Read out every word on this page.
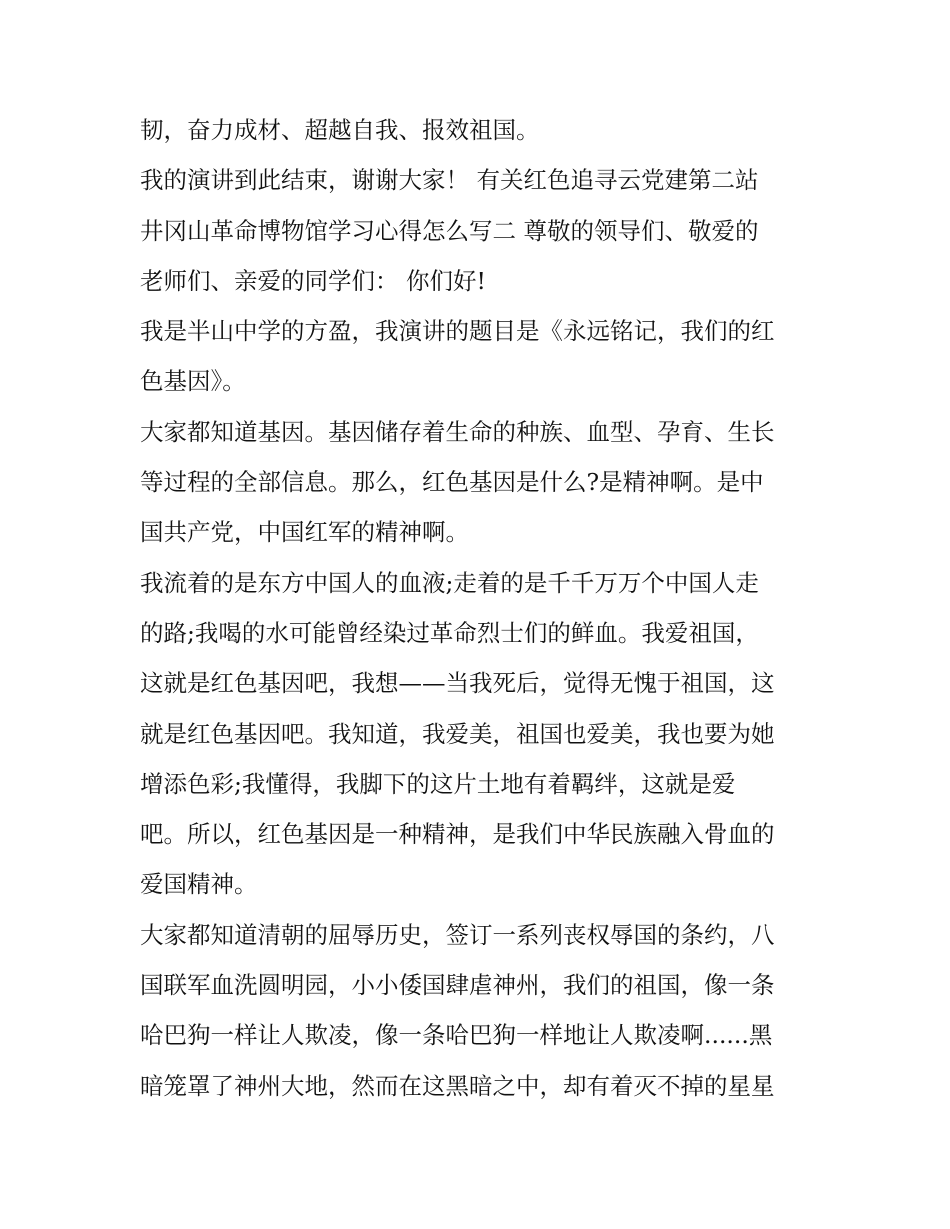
韧，奋力成材、超越自我、报效祖国。
我的演讲到此结束，谢谢大家！ 有关红色追寻云党建第二站
井冈山革命博物馆学习心得怎么写二 尊敬的领导们、敬爱的
老师们、亲爱的同学们： 你们好!
我是半山中学的方盈，我演讲的题目是《永远铭记，我们的红
色基因》。
大家都知道基因。基因储存着生命的种族、血型、孕育、生长
等过程的全部信息。那么，红色基因是什么?是精神啊。是中
国共产党，中国红军的精神啊。
我流着的是东方中国人的血液;走着的是千千万万个中国人走
的路;我喝的水可能曾经染过革命烈士们的鲜血。我爱祖国，
这就是红色基因吧，我想——当我死后，觉得无愧于祖国，这
就是红色基因吧。我知道，我爱美，祖国也爱美，我也要为她
增添色彩;我懂得，我脚下的这片土地有着羁绊，这就是爱
吧。所以，红色基因是一种精神，是我们中华民族融入骨血的
爱国精神。
大家都知道清朝的屈辱历史，签订一系列丧权辱国的条约，八
国联军血洗圆明园，小小倭国肆虐神州，我们的祖国，像一条
哈巴狗一样让人欺凌，像一条哈巴狗一样地让人欺凌啊......黑
暗笼罩了神州大地，然而在这黑暗之中，却有着灭不掉的星星
